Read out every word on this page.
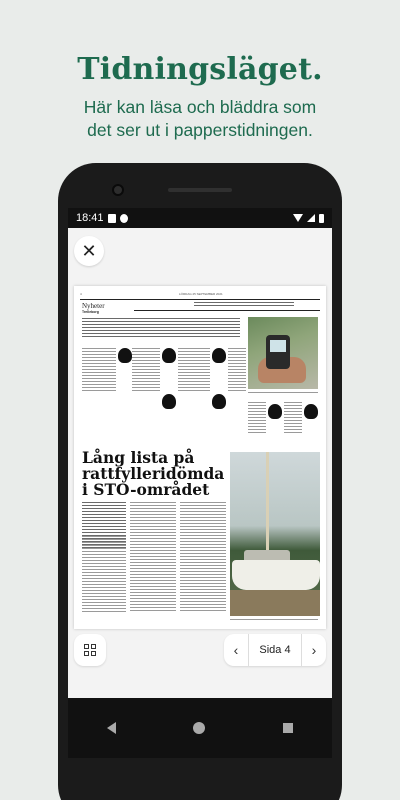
Tidningsläget.
Här kan läsa och bläddra som
det ser ut i papperstidningen.
18:41
✕
4	LÖRDAG 25 SEPTEMBER 2021
Nyheter
Trelleborg
Lång lista på
rattfylleridömda
i STO-området
‹	Sida 4	›
